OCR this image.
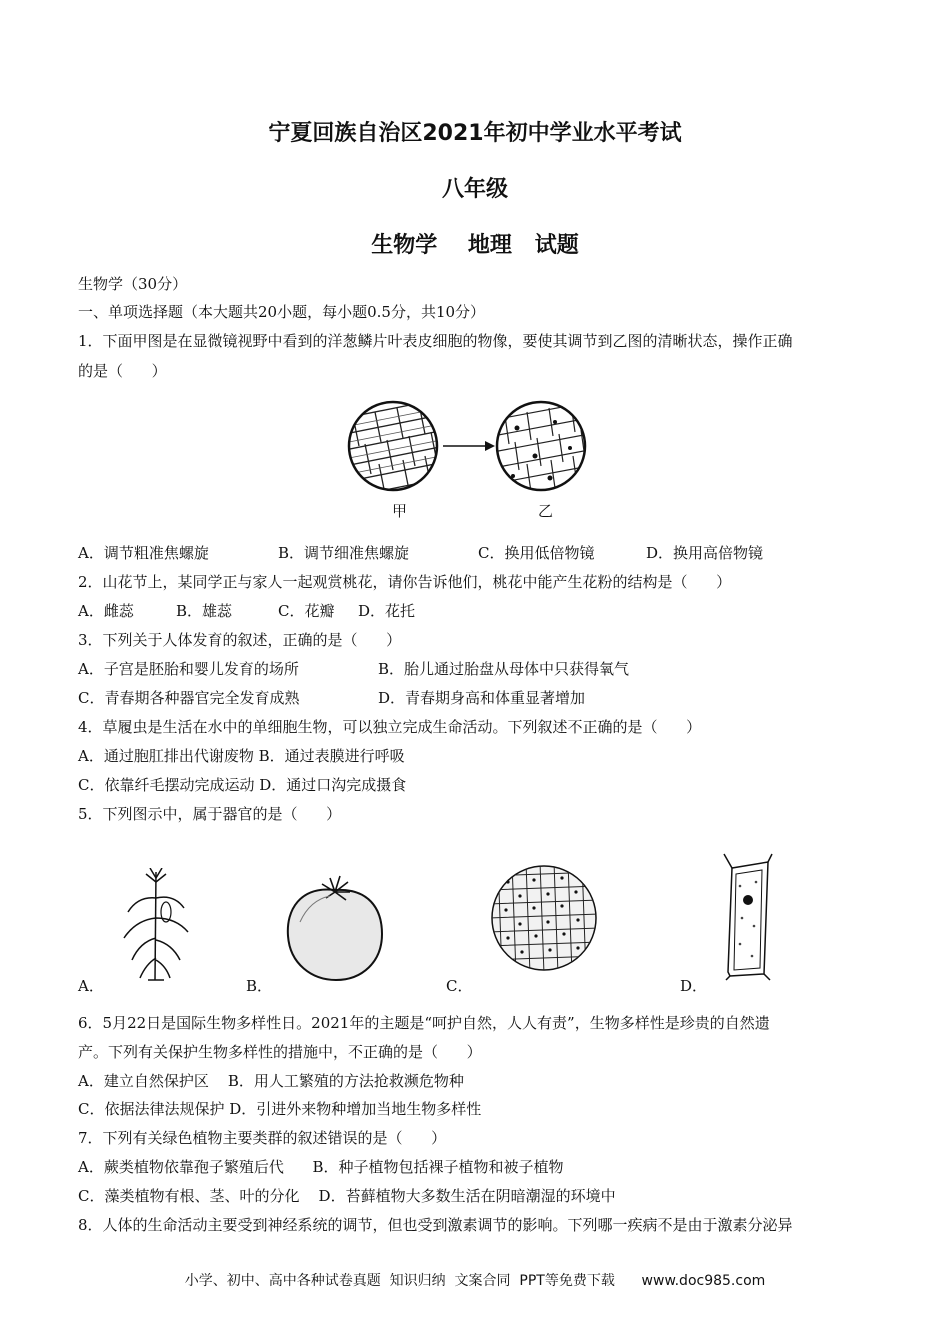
宁夏回族自治区2021年初中学业水平考试
八年级
生物学    地理   试题
生物学（30分）
一、单项选择题（本大题共20小题，每小题0.5分，共10分）
1．下面甲图是在显微镜视野中看到的洋葱鳞片叶表皮细胞的物像，要使其调节到乙图的清晰状态，操作正确
的是（      ）
甲	乙
A．调节粗准焦螺旋	B．调节细准焦螺旋	C．换用低倍物镜	D．换用高倍物镜
2．山花节上，某同学正与家人一起观赏桃花，请你告诉他们，桃花中能产生花粉的结构是（      ）
A．雌蕊	B．雄蕊	C．花瓣 D．花托
3．下列关于人体发育的叙述，正确的是（      ）
A．子宫是胚胎和婴儿发育的场所	B．胎儿通过胎盘从母体中只获得氧气
C．青春期各种器官完全发育成熟	D．青春期身高和体重显著增加
4．草履虫是生活在水中的单细胞生物，可以独立完成生命活动。下列叙述不正确的是（      ）
A．通过胞肛排出代谢废物 B．通过表膜进行呼吸
C．依靠纤毛摆动完成运动 D．通过口沟完成摄食
5．下列图示中，属于器官的是（      ）
A．	B．	C．	D．
6．5月22日是国际生物多样性日。2021年的主题是“呵护自然，人人有责”，生物多样性是珍贵的自然遗
产。下列有关保护生物多样性的措施中，不正确的是（      ）
A．建立自然保护区    B．用人工繁殖的方法抢救濒危物种
C．依据法律法规保护 D．引进外来物种增加当地生物多样性
7．下列有关绿色植物主要类群的叙述错误的是（      ）
A．蕨类植物依靠孢子繁殖后代      B．种子植物包括裸子植物和被子植物
C．藻类植物有根、茎、叶的分化    D．苔藓植物大多数生活在阴暗潮湿的环境中
8．人体的生命活动主要受到神经系统的调节，但也受到激素调节的影响。下列哪一疾病不是由于激素分泌异
小学、初中、高中各种试卷真题  知识归纳  文案合同  PPT等免费下载      www.doc985.com
